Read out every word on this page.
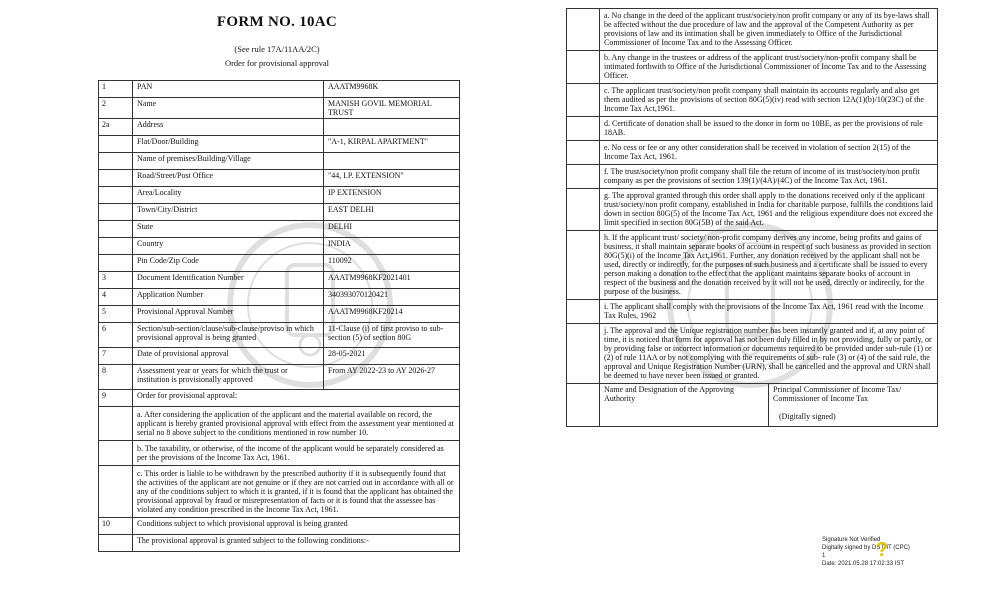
FORM NO. 10AC
(See rule 17A/11AA/2C)
Order for provisional approval
1	PAN	AAATM9968K
2	Name	MANISH GOVIL MEMORIAL TRUST
2a	Address	
	Flat/Door/Building	"A-1, KIRPAL APARTMENT"
	Name of premises/Building/Village	
	Road/Street/Post Office	"44, I.P. EXTENSION"
	Area/Locality	IP EXTENSION
	Town/City/District	EAST DELHI
	State	DELHI
	Country	INDIA
	Pin Code/Zip Code	110092
3	Document Identification Number	AAATM9968KF2021401
4	Application Number	340393070120421
5	Provisional Approval Number	AAATM9968KF20214
6	Section/sub-section/clause/sub-clause/proviso in which provisional approval is being granted	11-Clause (i) of first proviso to sub-section (5) of section 80G
7	Date of provisional approval	28-05-2021
8	Assessment year or years for which the trust or institution is provisionally approved	From AY 2022-23 to AY 2026-27
9	Order for provisional approval:	
	a. After considering the application of the applicant and the material available on record, the applicant is hereby granted provisional approval with effect from the assessment year mentioned at serial no 8 above subject to the conditions mentioned in row number 10.	
	b. The taxability, or otherwise, of the income of the applicant would be separately considered as per the provisions of the Income Tax Act, 1961.	
	c. This order is liable to be withdrawn by the prescribed authority if it is subsequently found that the activities of the applicant are not genuine or if they are not carried out in accordance with all or any of the conditions subject to which it is granted, if it is found that the applicant has obtained the provisional approval by fraud or misrepresentation of facts or it is found that the assessee has violated any condition prescribed in the Income Tax Act, 1961.	
10	Conditions subject to which provisional approval is being granted	
	The provisional approval is granted subject to the following conditions:-	
	a. No change in the deed of the applicant trust/society/non profit company or any of its bye-laws shall be affected without the due procedure of law and the approval of the Competent Authority as per provisions of law and its intimation shall be given immediately to Office of the Jurisdictional Commissioner of Income Tax and to the Assessing Officer.	
	b. Any change in the trustees or address of the applicant trust/society/non-profit company shall be intimated forthwith to Office of the Jurisdictional Commissioner of Income Tax and to the Assessing Officer.	
	c. The applicant trust/society/non profit company shall maintain its accounts regularly and also get them audited as per the provisions of section 80G(5)(iv) read with section 12A(1)(b)/10(23C) of the Income Tax Act,1961.	
	d. Certificate of donation shall be issued to the donor in form no 10BE, as per the provisions of rule 18AB.	
	e. No cess or fee or any other consideration shall be received in violation of section 2(15) of the Income Tax Act, 1961.	
	f. The trust/society/non profit company shall file the return of income of its trust/society/non profit company as per the provisions of section 139(1)/(4A)/(4C) of the Income Tax Act, 1961.	
	g. The approval granted through this order shall apply to the donations received only if the applicant trust/society/non profit company, established in India for charitable purpose, fulfills the conditions laid down in section 80G(5) of the Income Tax Act, 1961 and the religious expenditure does not exceed the limit specified in section 80G(5B) of the said Act.	
	h. If the applicant trust/ society/ non-profit company derives any income, being profits and gains of business, it shall maintain separate books of account in respect of such business as provided in section 80G(5)(i) of the Income Tax Act,1961. Further, any donation received by the applicant shall not be used, directly or indirectly, for the purposes of such business and a certificate shall be issued to every person making a donation to the effect that the applicant maintains separate books of account in respect of the business and the donation received by it will not be used, directly or indirectly, for the purpose of the business.	
	i. The applicant shall comply with the provisions of the Income Tax Act, 1961 read with the Income Tax Rules, 1962	
	j. The approval and the Unique registration number has been instantly granted and if, at any point of time, it is noticed that form for approval has not been duly filled in by not providing, fully or partly, or by providing false or incorrect information or documents required to be provided under sub-rule (1) or (2) of rule 11AA or by not complying with the requirements of sub- rule (3) or (4) of the said rule, the approval and Unique Registration Number (URN), shall be cancelled and the approval and URN shall be deemed to have never been issued or granted.	
	Name and Designation of the Approving Authority	Principal Commissioner of Income Tax/ Commissioner of Income Tax
(Digitally signed)
Signature Not Verified
Digitally signed by DS DIT (CPC)
1
Date: 2021.05.28 17:02:33 IST
?
